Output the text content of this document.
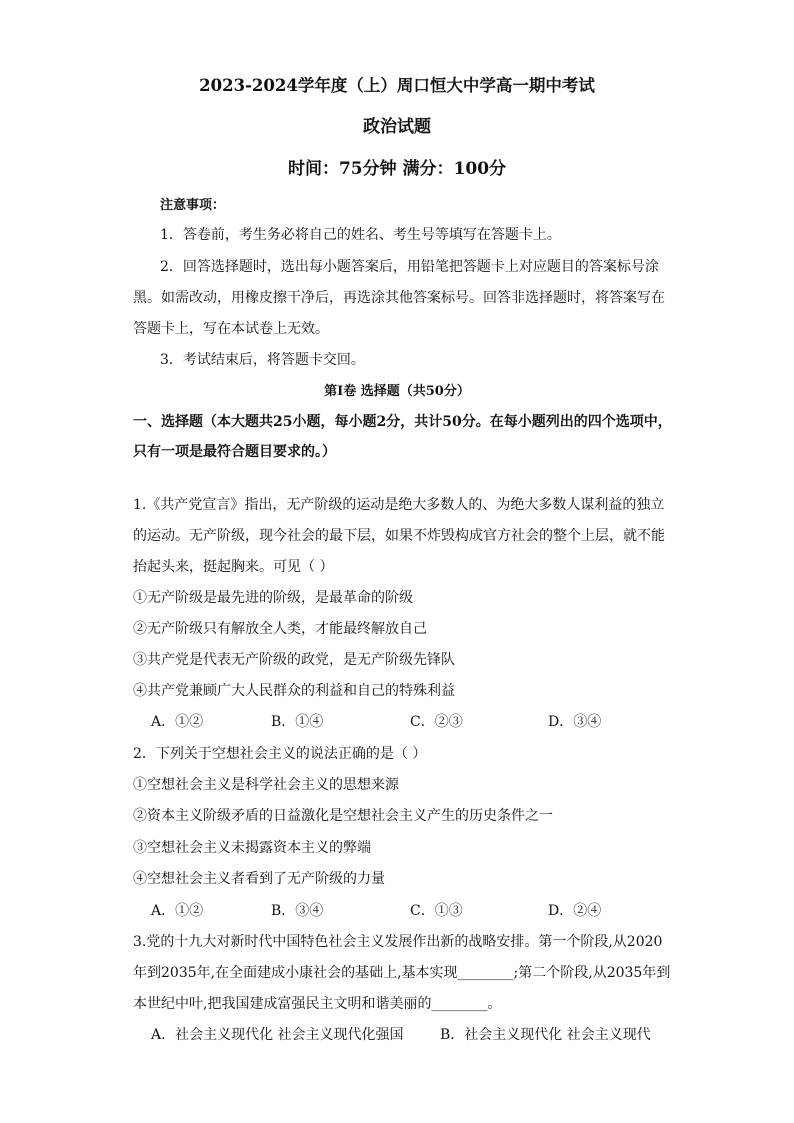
2023-2024学年度（上）周口恒大中学高一期中考试
政治试题
时间：75分钟 满分：100分
注意事项：
1．答卷前，考生务必将自己的姓名、考生号等填写在答题卡上。
2．回答选择题时，选出每小题答案后，用铅笔把答题卡上对应题目的答案标号涂
黑。如需改动，用橡皮擦干净后，再选涂其他答案标号。回答非选择题时，将答案写在
答题卡上，写在本试卷上无效。
3．考试结束后，将答题卡交回。
第I卷 选择题（共50分）
一、选择题（本大题共25小题，每小题2分，共计50分。在每小题列出的四个选项中，
只有一项是最符合题目要求的。）
1.《共产党宣言》指出，无产阶级的运动是绝大多数人的、为绝大多数人谋利益的独立
的运动。无产阶级，现今社会的最下层，如果不炸毁构成官方社会的整个上层，就不能
抬起头来，挺起胸来。可见（ ）
①无产阶级是最先进的阶级，是最革命的阶级
②无产阶级只有解放全人类，才能最终解放自己
③共产党是代表无产阶级的政党，是无产阶级先锋队
④共产党兼顾广大人民群众的利益和自己的特殊利益
A．①②	B．①④	C．②③	D．③④
2．下列关于空想社会主义的说法正确的是（ ）
①空想社会主义是科学社会主义的思想来源
②资本主义阶级矛盾的日益激化是空想社会主义产生的历史条件之一
③空想社会主义未揭露资本主义的弊端
④空想社会主义者看到了无产阶级的力量
A．①②	B．③④	C．①③	D．②④
3.党的十九大对新时代中国特色社会主义发展作出新的战略安排。第一个阶段,从2020
年到2035年,在全面建成小康社会的基础上,基本实现________;第二个阶段,从2035年到
本世纪中叶,把我国建成富强民主文明和谐美丽的________。
A．社会主义现代化 社会主义现代化强国	B．社会主义现代化 社会主义现代
